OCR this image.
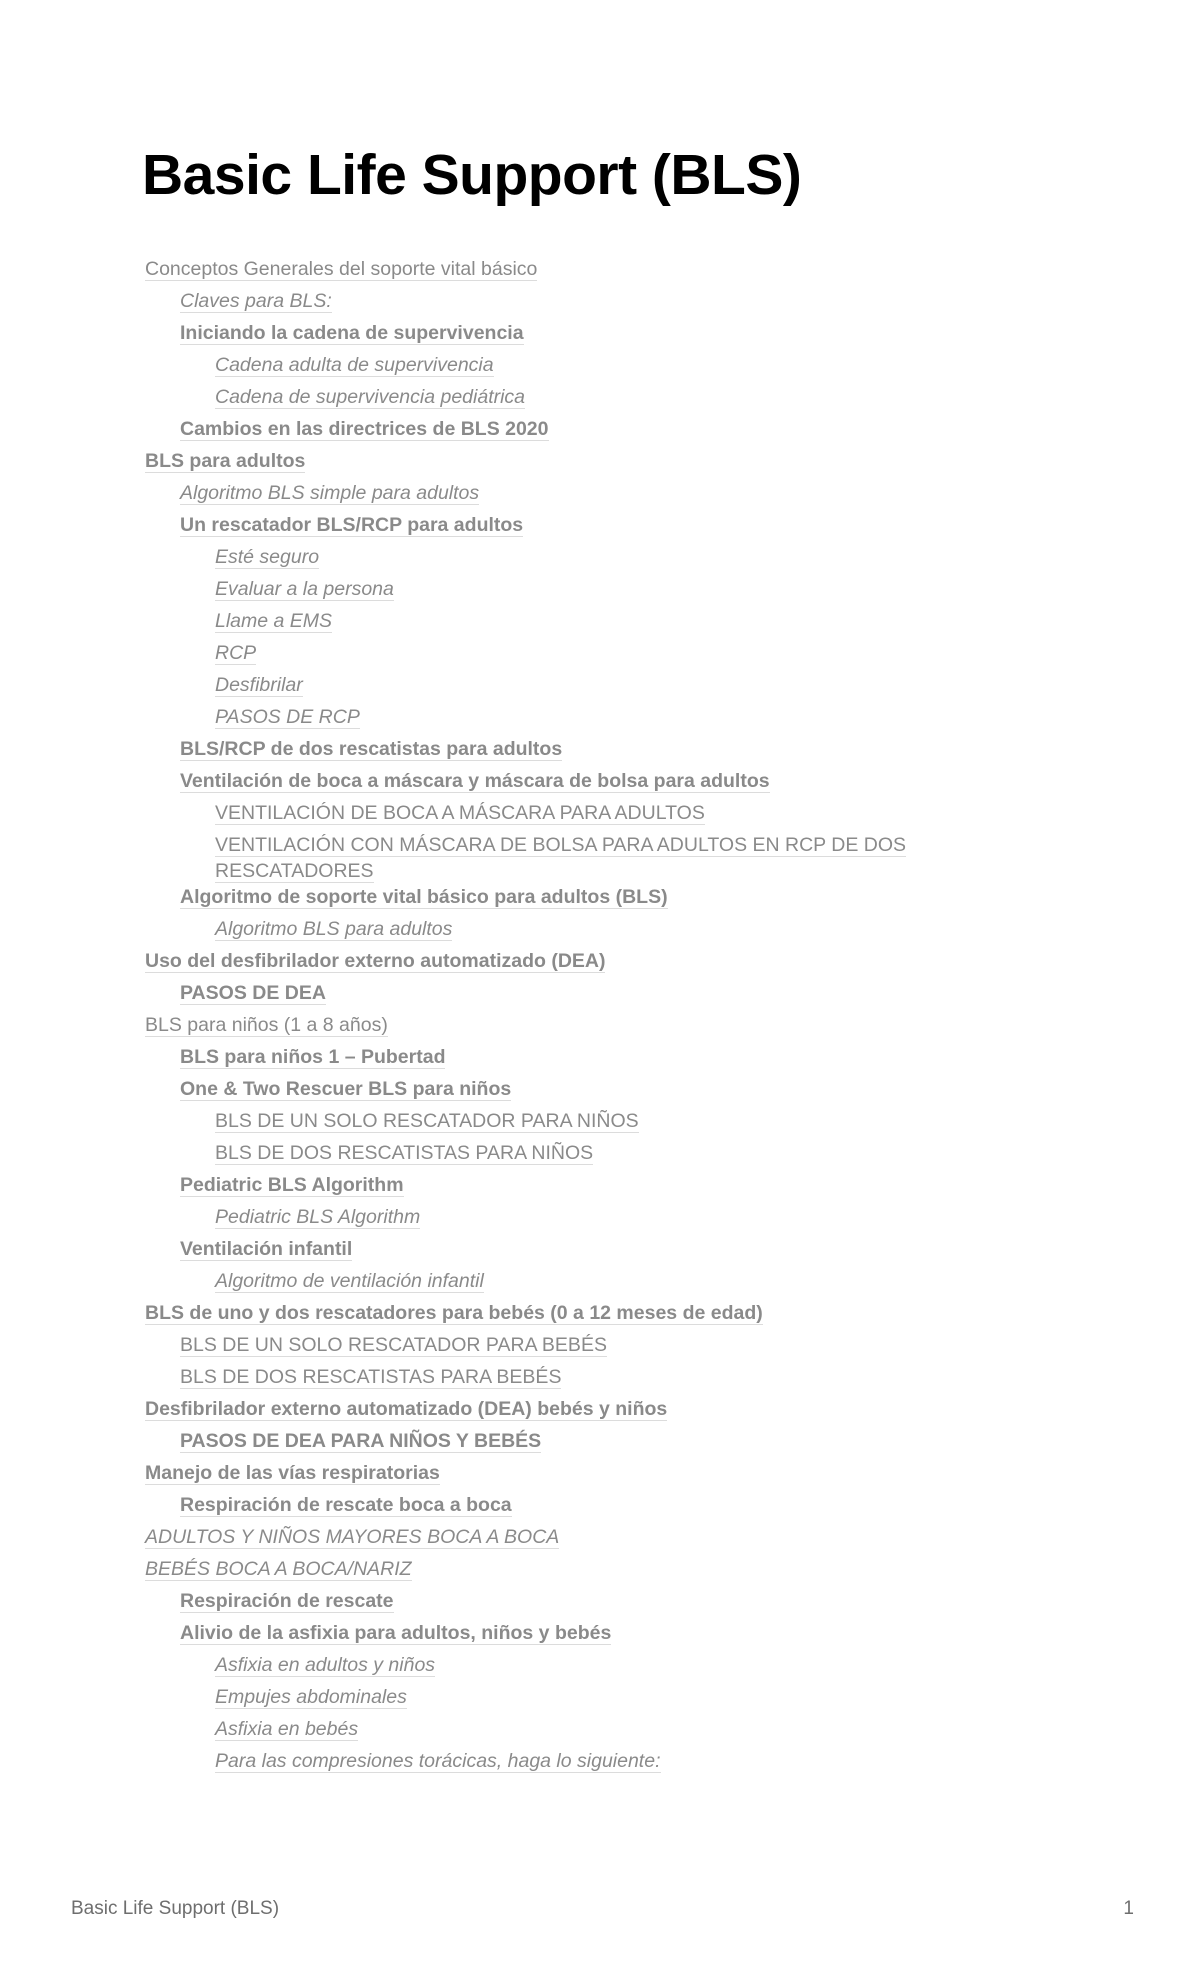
Basic Life Support (BLS)
Conceptos Generales del soporte vital básico
Claves para BLS:
Iniciando la cadena de supervivencia
Cadena adulta de supervivencia
Cadena de supervivencia pediátrica
Cambios en las directrices de BLS 2020
BLS para adultos
Algoritmo BLS simple para adultos
Un rescatador BLS/RCP para adultos
Esté seguro
Evaluar a la persona
Llame a EMS
RCP
Desfibrilar
PASOS DE RCP
BLS/RCP de dos rescatistas para adultos
Ventilación de boca a máscara y máscara de bolsa para adultos
VENTILACIÓN DE BOCA A MÁSCARA PARA ADULTOS
VENTILACIÓN CON MÁSCARA DE BOLSA PARA ADULTOS EN RCP DE DOS RESCATADORES
Algoritmo de soporte vital básico para adultos (BLS)
Algoritmo BLS para adultos
Uso del desfibrilador externo automatizado (DEA)
PASOS DE DEA
BLS para niños (1 a 8 años)
BLS para niños 1 – Pubertad
One & Two Rescuer BLS para niños
BLS DE UN SOLO RESCATADOR PARA NIÑOS
BLS DE DOS RESCATISTAS PARA NIÑOS
Pediatric BLS Algorithm
Pediatric BLS Algorithm
Ventilación infantil
Algoritmo de ventilación infantil
BLS de uno y dos rescatadores para bebés (0 a 12 meses de edad)
BLS DE UN SOLO RESCATADOR PARA BEBÉS
BLS DE DOS RESCATISTAS PARA BEBÉS
Desfibrilador externo automatizado (DEA) bebés y niños
PASOS DE DEA PARA NIÑOS Y BEBÉS
Manejo de las vías respiratorias
Respiración de rescate boca a boca
ADULTOS Y NIÑOS MAYORES BOCA A BOCA
BEBÉS BOCA A BOCA/NARIZ
Respiración de rescate
Alivio de la asfixia para adultos, niños y bebés
Asfixia en adultos y niños
Empujes abdominales
Asfixia en bebés
Para las compresiones torácicas, haga lo siguiente:
Basic Life Support (BLS)	1
